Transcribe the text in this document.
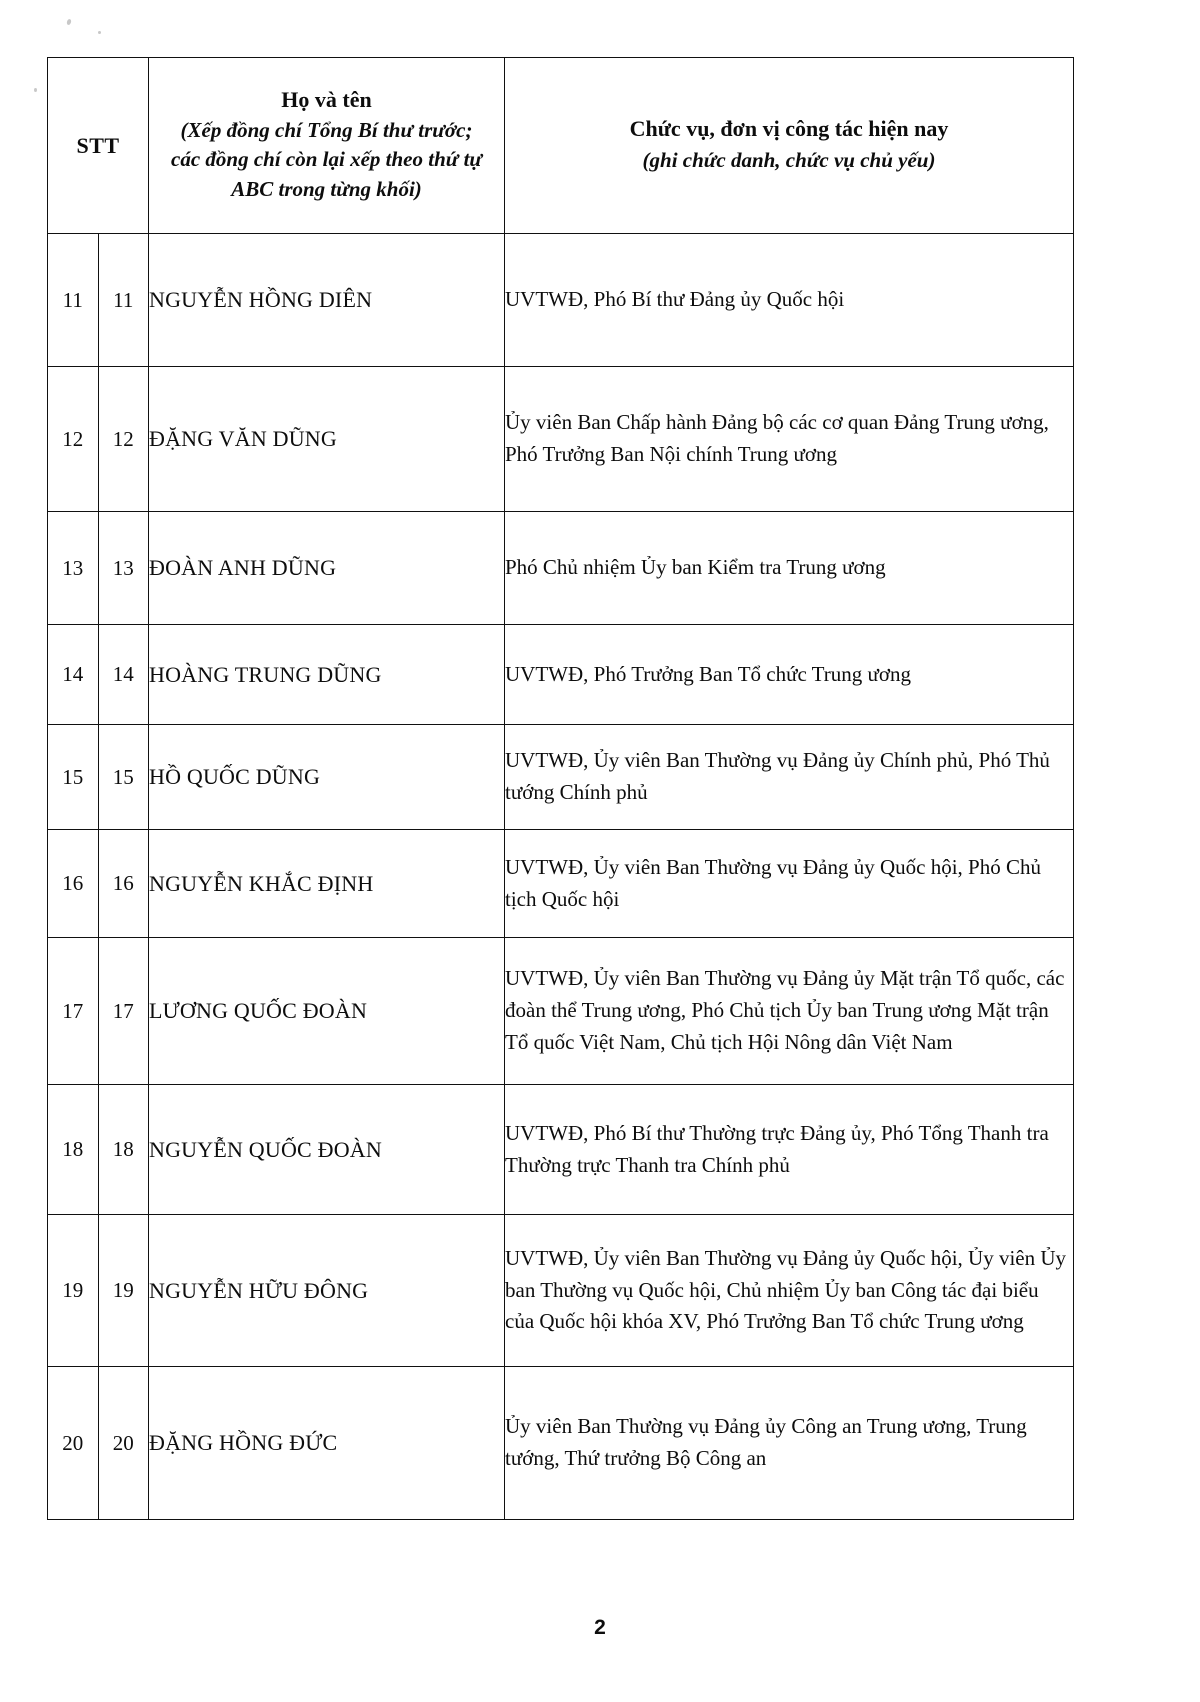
STT	
Họ và tên
(Xếp đồng chí Tổng Bí thư trước;
các đồng chí còn lại xếp theo thứ tự
ABC trong từng khối)

Chức vụ, đơn vị công tác hiện nay
(ghi chức danh, chức vụ chủ yếu)

11	11	NGUYỄN HỒNG DIÊN	UVTWĐ, Phó Bí thư Đảng ủy Quốc hội

12	12	ĐẶNG VĂN DŨNG	Ủy viên Ban Chấp hành Đảng bộ các cơ quan Đảng Trung ương,
Phó Trưởng Ban Nội chính Trung ương

13	13	ĐOÀN ANH DŨNG	Phó Chủ nhiệm Ủy ban Kiểm tra Trung ương

14	14	HOÀNG TRUNG DŨNG	UVTWĐ, Phó Trưởng Ban Tổ chức Trung ương

15	15	HỒ QUỐC DŨNG	UVTWĐ, Ủy viên Ban Thường vụ Đảng ủy Chính phủ, Phó Thủ
tướng Chính phủ

16	16	NGUYỄN KHẮC ĐỊNH	UVTWĐ, Ủy viên Ban Thường vụ Đảng ủy Quốc hội, Phó Chủ
tịch Quốc hội

17	17	LƯƠNG QUỐC ĐOÀN	UVTWĐ, Ủy viên Ban Thường vụ Đảng ủy Mặt trận Tổ quốc, các
đoàn thể Trung ương, Phó Chủ tịch Ủy ban Trung ương Mặt trận
Tổ quốc Việt Nam, Chủ tịch Hội Nông dân Việt Nam

18	18	NGUYỄN QUỐC ĐOÀN	UVTWĐ, Phó Bí thư Thường trực Đảng ủy, Phó Tổng Thanh tra
Thường trực Thanh tra Chính phủ

19	19	NGUYỄN HỮU ĐÔNG	UVTWĐ, Ủy viên Ban Thường vụ Đảng ủy Quốc hội, Ủy viên Ủy
ban Thường vụ Quốc hội, Chủ nhiệm Ủy ban Công tác đại biểu
của Quốc hội khóa XV, Phó Trưởng Ban Tổ chức Trung ương

20	20	ĐẶNG HỒNG ĐỨC	Ủy viên Ban Thường vụ Đảng ủy Công an Trung ương, Trung
tướng, Thứ trưởng Bộ Công an
2
